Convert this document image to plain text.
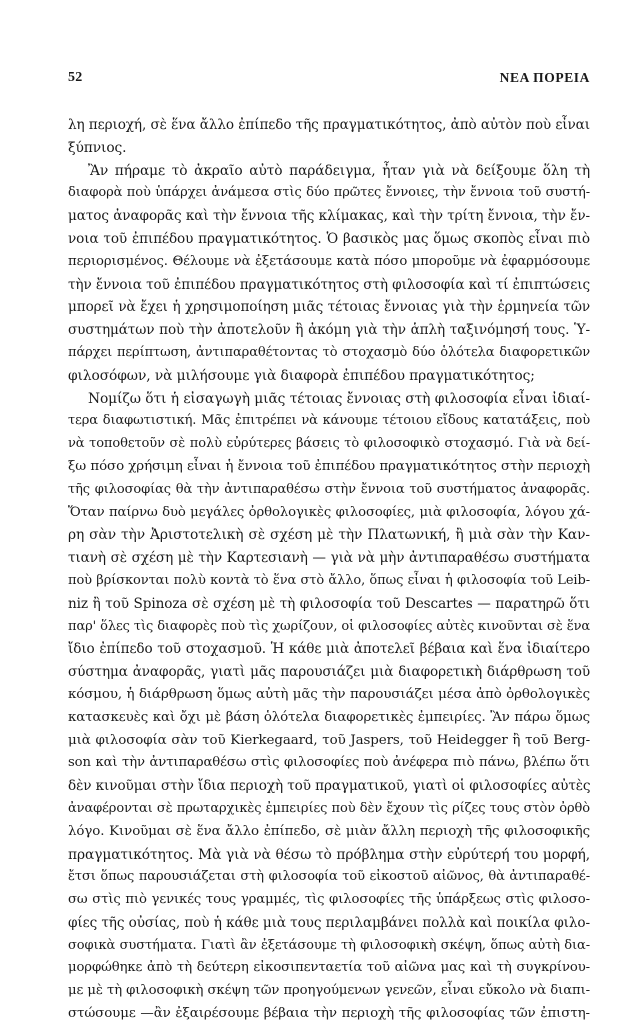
52	ΝΕΑ ΠΟΡΕΙΑ
λη περιοχή, σὲ ἕνα ἄλλο ἐπίπεδο τῆς πραγματικότητος, ἀπὸ αὐτὸν ποὺ εἶναι
ξύπνιος.
Ἂν πήραμε τὸ ἀκραῖο αὐτὸ παράδειγμα, ἦταν γιὰ νὰ δείξουμε ὅλη τὴ
διαφορὰ ποὺ ὑπάρχει ἀνάμεσα στὶς δύο πρῶτες ἔννοιες, τὴν ἔννοια τοῦ συστή-
ματος ἀναφορᾶς καὶ τὴν ἔννοια τῆς κλίμακας, καὶ τὴν τρίτη ἔννοια, τὴν ἔν-
νοια τοῦ ἐπιπέδου πραγματικότητος. Ὁ βασικὸς μας ὅμως σκοπὸς εἶναι πιὸ
περιορισμένος. Θέλουμε νὰ ἐξετάσουμε κατὰ πόσο μποροῦμε νὰ ἐφαρμόσουμε
τὴν ἔννοια τοῦ ἐπιπέδου πραγματικότητος στὴ φιλοσοφία καὶ τί ἐπιπτώσεις
μπορεῖ νὰ ἔχει ἡ χρησιμοποίηση μιᾶς τέτοιας ἔννοιας γιὰ τὴν ἑρμηνεία τῶν
συστημάτων ποὺ τὴν ἀποτελοῦν ἢ ἀκόμη γιὰ τὴν ἁπλὴ ταξινόμησή τους. Ὑ-
πάρχει περίπτωση, ἀντιπαραθέτοντας τὸ στοχασμὸ δύο ὁλότελα διαφορετικῶν
φιλοσόφων, νὰ μιλήσουμε γιὰ διαφορὰ ἐπιπέδου πραγματικότητος;
Νομίζω ὅτι ἡ εἰσαγωγὴ μιᾶς τέτοιας ἔννοιας στὴ φιλοσοφία εἶναι ἰδιαί-
τερα διαφωτιστική. Μᾶς ἐπιτρέπει νὰ κάνουμε τέτοιου εἴδους κατατάξεις, ποὺ
νὰ τοποθετοῦν σὲ πολὺ εὐρύτερες βάσεις τὸ φιλοσοφικὸ στοχασμό. Γιὰ νὰ δεί-
ξω πόσο χρήσιμη εἶναι ἡ ἔννοια τοῦ ἐπιπέδου πραγματικότητος στὴν περιοχὴ
τῆς φιλοσοφίας θὰ τὴν ἀντιπαραθέσω στὴν ἔννοια τοῦ συστήματος ἀναφορᾶς.
Ὅταν παίρνω δυὸ μεγάλες ὀρθολογικὲς φιλοσοφίες, μιὰ φιλοσοφία, λόγου χά-
ρη σὰν τὴν Ἀριστοτελικὴ σὲ σχέση μὲ τὴν Πλατωνική, ἢ μιὰ σὰν τὴν Καν-
τιανὴ σὲ σχέση μὲ τὴν Καρτεσιανὴ — γιὰ νὰ μὴν ἀντιπαραθέσω συστήματα
ποὺ βρίσκονται πολὺ κοντὰ τὸ ἕνα στὸ ἄλλο, ὅπως εἶναι ἡ φιλοσοφία τοῦ Leib-
niz ἢ τοῦ Spinoza σὲ σχέση μὲ τὴ φιλοσοφία τοῦ Descartes — παρατηρῶ ὅτι
παρ' ὅλες τὶς διαφορὲς ποὺ τὶς χωρίζουν, οἱ φιλοσοφίες αὐτὲς κινοῦνται σὲ ἕνα
ἴδιο ἐπίπεδο τοῦ στοχασμοῦ. Ἡ κάθε μιὰ ἀποτελεῖ βέβαια καὶ ἕνα ἰδιαίτερο
σύστημα ἀναφορᾶς, γιατὶ μᾶς παρουσιάζει μιὰ διαφορετικὴ διάρθρωση τοῦ
κόσμου, ἡ διάρθρωση ὅμως αὐτὴ μᾶς τὴν παρουσιάζει μέσα ἀπὸ ὀρθολογικὲς
κατασκευὲς καὶ ὄχι μὲ βάση ὁλότελα διαφορετικὲς ἐμπειρίες. Ἂν πάρω ὅμως
μιὰ φιλοσοφία σὰν τοῦ Kierkegaard, τοῦ Jaspers, τοῦ Heidegger ἢ τοῦ Berg-
son καὶ τὴν ἀντιπαραθέσω στὶς φιλοσοφίες ποὺ ἀνέφερα πιὸ πάνω, βλέπω ὅτι
δὲν κινοῦμαι στὴν ἴδια περιοχὴ τοῦ πραγματικοῦ, γιατὶ οἱ φιλοσοφίες αὐτὲς
ἀναφέρονται σὲ πρωταρχικὲς ἐμπειρίες ποὺ δὲν ἔχουν τὶς ρίζες τους στὸν ὀρθὸ
λόγο. Κινοῦμαι σὲ ἕνα ἄλλο ἐπίπεδο, σὲ μιὰν ἄλλη περιοχὴ τῆς φιλοσοφικῆς
πραγματικότητος. Μὰ γιὰ νὰ θέσω τὸ πρόβλημα στὴν εὐρύτερή του μορφή,
ἔτσι ὅπως παρουσιάζεται στὴ φιλοσοφία τοῦ εἰκοστοῦ αἰῶνος, θὰ ἀντιπαραθέ-
σω στὶς πιὸ γενικές τους γραμμές, τὶς φιλοσοφίες τῆς ὑπάρξεως στὶς φιλοσο-
φίες τῆς οὐσίας, ποὺ ἡ κάθε μιὰ τους περιλαμβάνει πολλὰ καὶ ποικίλα φιλο-
σοφικὰ συστήματα. Γιατὶ ἂν ἐξετάσουμε τὴ φιλοσοφικὴ σκέψη, ὅπως αὐτὴ δια-
μορφώθηκε ἀπὸ τὴ δεύτερη εἰκοσιπενταετία τοῦ αἰῶνα μας καὶ τὴ συγκρίνου-
με μὲ τὴ φιλοσοφικὴ σκέψη τῶν προηγούμενων γενεῶν, εἶναι εὔκολο νὰ διαπι-
στώσουμε —ἂν ἐξαιρέσουμε βέβαια τὴν περιοχὴ τῆς φιλοσοφίας τῶν ἐπιστη-
